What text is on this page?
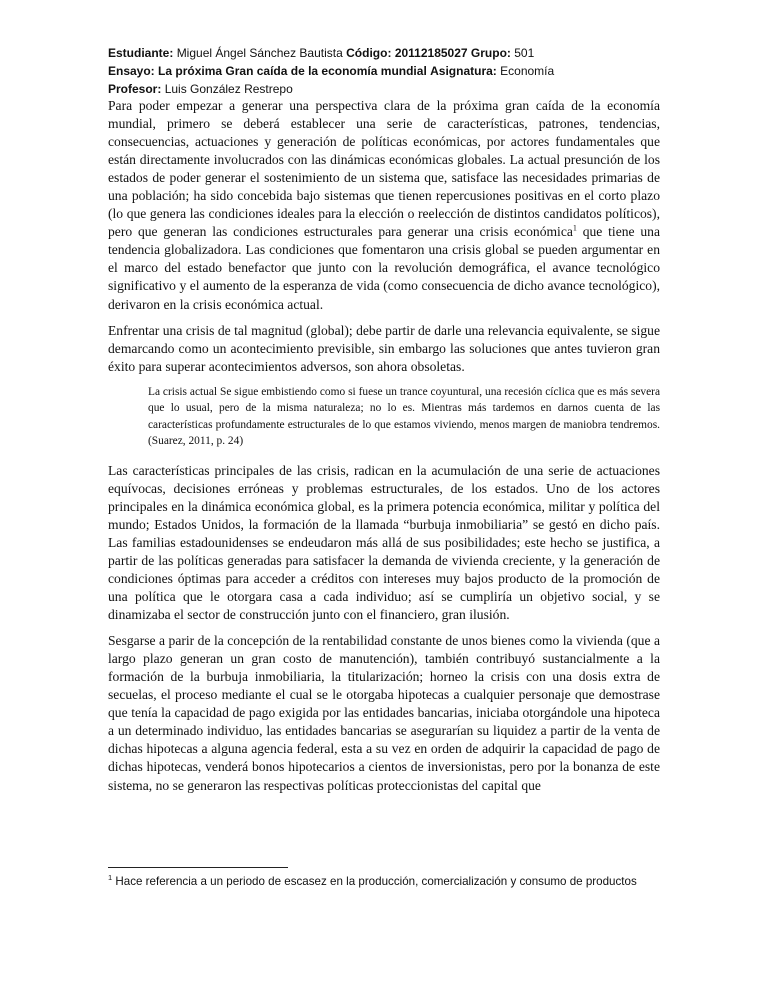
Estudiante: Miguel Ángel Sánchez Bautista Código: 20112185027 Grupo: 501
Ensayo: La próxima Gran caída de la economía mundial Asignatura: Economía
Profesor: Luis González Restrepo

Para poder empezar a generar una perspectiva clara de la próxima gran caída de la economía mundial, primero se deberá establecer una serie de características, patrones, tendencias, consecuencias, actuaciones y generación de políticas económicas, por actores fundamentales que están directamente involucrados con las dinámicas económicas globales. La actual presunción de los estados de poder generar el sostenimiento de un sistema que, satisface las necesidades primarias de una población; ha sido concebida bajo sistemas que tienen repercusiones positivas en el corto plazo (lo que genera las condiciones ideales para la elección o reelección de distintos candidatos políticos), pero que generan las condiciones estructurales para generar una crisis económica$^1$ que tiene una tendencia globalizadora. Las condiciones que fomentaron una crisis global se pueden argumentar en el marco del estado benefactor que junto con la revolución demográfica, el avance tecnológico significativo y el aumento de la esperanza de vida (como consecuencia de dicho avance tecnológico), derivaron en la crisis económica actual.

Enfrentar una crisis de tal magnitud (global); debe partir de darle una relevancia equivalente, se sigue demarcando como un acontecimiento previsible, sin embargo las soluciones que antes tuvieron gran éxito para superar acontecimientos adversos, son ahora obsoletas.

La crisis actual Se sigue embistiendo como si fuese un trance coyuntural, una recesión cíclica que es más severa que lo usual, pero de la misma naturaleza; no lo es. Mientras más tardemos en darnos cuenta de las características profundamente estructurales de lo que estamos viviendo, menos margen de maniobra tendremos. (Suarez, 2011, p. 24)

Las características principales de las crisis, radican en la acumulación de una serie de actuaciones equívocas, decisiones erróneas y problemas estructurales, de los estados. Uno de los actores principales en la dinámica económica global, es la primera potencia económica, militar y política del mundo; Estados Unidos, la formación de la llamada “burbuja inmobiliaria” se gestó en dicho país. Las familias estadounidenses se endeudaron más allá de sus posibilidades; este hecho se justifica, a partir de las políticas generadas para satisfacer la demanda de vivienda creciente, y la generación de condiciones óptimas para acceder a créditos con intereses muy bajos producto de la promoción de una política que le otorgara casa a cada individuo; así se cumpliría un objetivo social, y se dinamizaba el sector de construcción junto con el financiero, gran ilusión.

Sesgarse a parir de la concepción de la rentabilidad constante de unos bienes como la vivienda (que a largo plazo generan un gran costo de manutención), también contribuyó sustancialmente a la formación de la burbuja inmobiliaria, la titularización; horneo la crisis con una dosis extra de secuelas, el proceso mediante el cual se le otorgaba hipotecas a cualquier personaje que demostrase que tenía la capacidad de pago exigida por las entidades bancarias, iniciaba otorgándole una hipoteca a un determinado individuo, las entidades bancarias se asegurarían su liquidez a partir de la venta de dichas hipotecas a alguna agencia federal, esta a su vez en orden de adquirir la capacidad de pago de dichas hipotecas, venderá bonos hipotecarios a cientos de inversionistas, pero por la bonanza de este sistema, no se generaron las respectivas políticas proteccionistas del capital que

$^1$ Hace referencia a un periodo de escasez en la producción, comercialización y consumo de productos
